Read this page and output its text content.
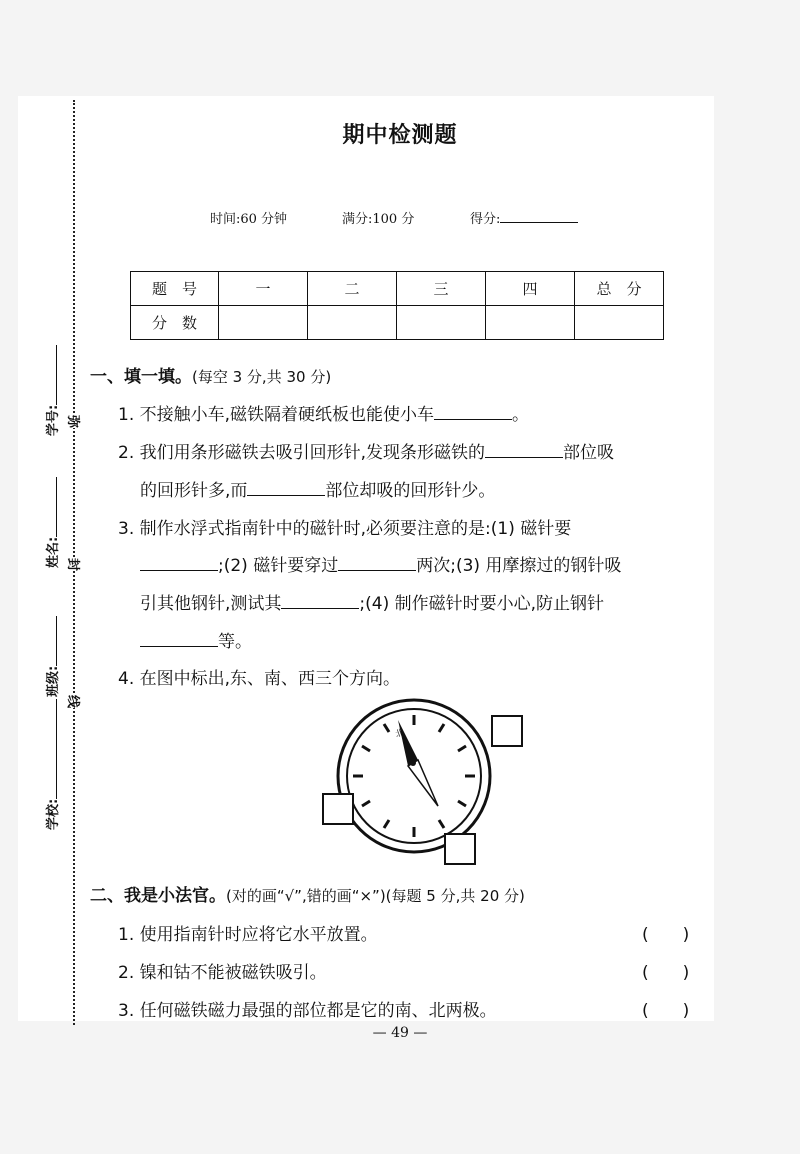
学校:
班级:
姓名:
学号: 弥
封
线
期中检测题
时间:60 分钟	满分:100 分	得分:
题　号	一	二	三	四	总　分
分　数					
一、填一填。(每空 3 分,共 30 分)
1. 不接触小车,磁铁隔着硬纸板也能使小车	。
2. 我们用条形磁铁去吸引回形针,发现条形磁铁的	部位吸
的回形针多,而	部位却吸的回形针少。
3. 制作水浮式指南针中的磁针时,必须要注意的是:(1) 磁针要
;(2) 磁针要穿过	两次;(3) 用摩擦过的钢针吸
引其他钢针,测试其	;(4) 制作磁针时要小心,防止钢针
等。
4. 在图中标出,东、南、西三个方向。
北
二、我是小法官。(对的画“√”,错的画“×”)(每题 5 分,共 20 分)
1. 使用指南针时应将它水平放置。	(　　)
2. 镍和钴不能被磁铁吸引。	(　　)
3. 任何磁铁磁力最强的部位都是它的南、北两极。	(　　)
— 49 —
